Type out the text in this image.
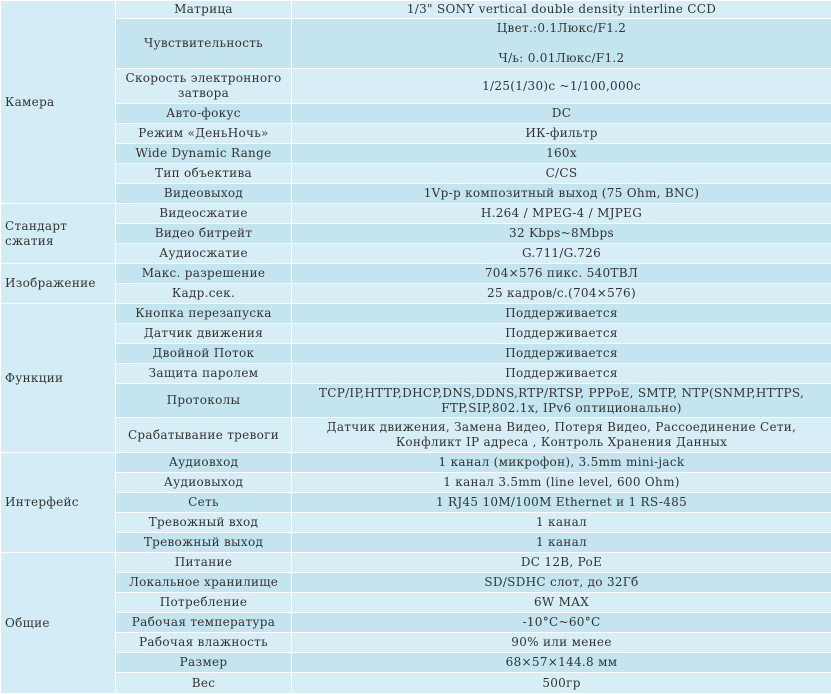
Камера	Матрица	1/3" SONY vertical double density interline CCD
	Чувствительность	Цвет.:0.1Люкс/F1.2

Ч/ь: 0.01Люкс/F1.2
	Скорость электронного затвора	1/25(1/30)с ~1/100,000с
	Авто-фокус	DC
	Режим «ДеньНочь»	ИК-фильтр
	Wide Dynamic Range	160x
	Тип объектива	C/CS
	Видеовыход	1Vp-p композитный выход (75 Ohm, BNC)
Стандарт сжатия	Видеосжатие	H.264 / MPEG-4 / MJPEG
	Видео битрейт	32 Kbps~8Mbps
	Аудиосжатие	G.711/G.726
Изображение	Макс. разрешение	704×576 пикс. 540ТВЛ
	Кадр.сек.	25 кадров/с.(704×576)
Функции	Кнопка перезапуска	Поддерживается
	Датчик движения	Поддерживается
	Двойной Поток	Поддерживается
	Защита паролем	Поддерживается
	Протоколы	TCP/IP,HTTP,DHCP,DNS,DDNS,RTP/RTSP, PPPoE, SMTP, NTP(SNMP,HTTPS, FTP,SIP,802.1x, IPv6 оптиционально)
	Срабатывание тревоги	Датчик движения, Замена Видео, Потеря Видео, Рассоединение Сети, Конфликт IP адреса , Контроль Хранения Данных
Интерфейс	Аудиовход	1 канал (микрофон), 3.5mm mini-jack
	Аудиовыход	1 канал 3.5mm (line level, 600 Ohm)
	Сеть	1 RJ45 10M/100M Ethernet и 1 RS-485
	Тревожный вход	1 канал
	Тревожный выход	1 канал
Общие	Питание	DC 12В, PoE
	Локальное хранилище	SD/SDHC слот, до 32Гб
	Потребление	6W MAX
	Рабочая температура	-10°C~60°C
	Рабочая влажность	90% или менее
	Размер	68×57×144.8 мм
	Вес	500гр
